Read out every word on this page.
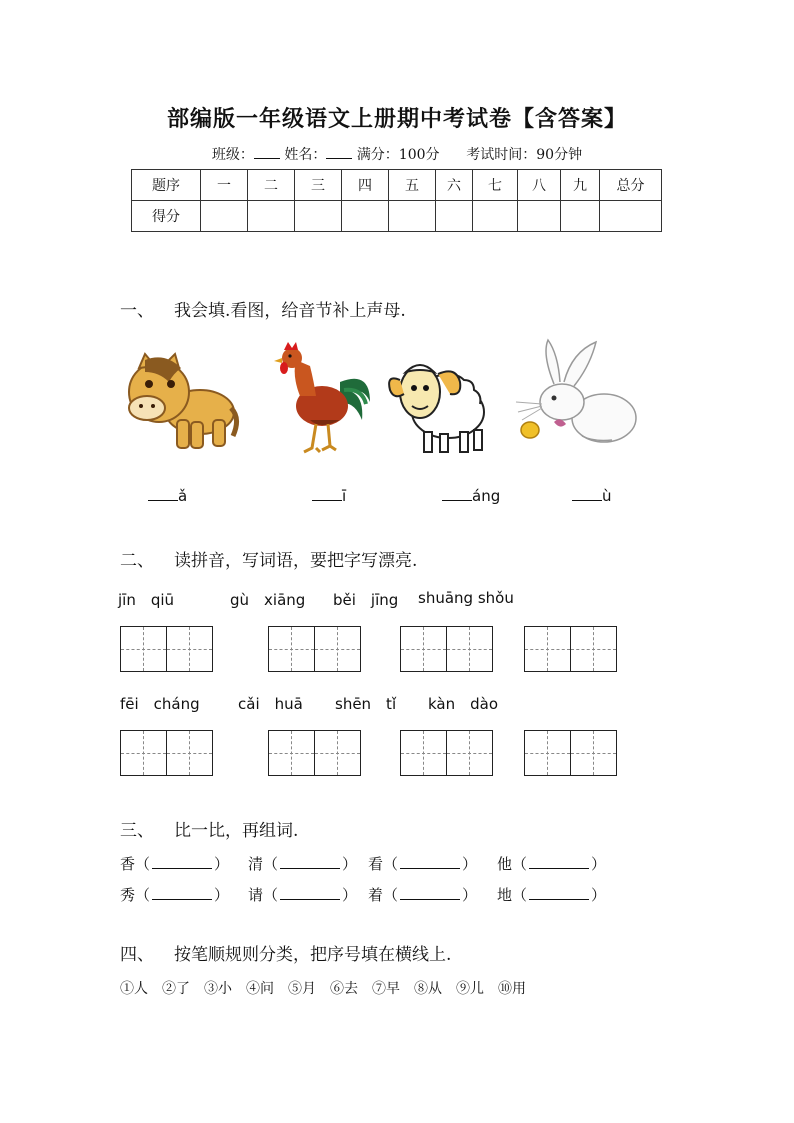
部编版一年级语文上册期中考试卷【含答案】
班级： 姓名： 满分：100分 考试时间：90分钟
题序	一	二	三	四	五	六	七	八	九	总分
得分										
一、 我会填.看图，给音节补上声母.
ǎ	ī	áng	ù
二、 读拼音，写词语，要把字写漂亮.
jīn　qiū	gù　xiāng běi　jīng shuāng shǒu
fēi　cháng	cǎi　huā shēn　tǐ kàn　dào
三、 比一比，再组词.
香（	） 清（	） 看（	） 他（	）
秀（	） 请（	） 着（	） 地（	）
四、 按笔顺规则分类，把序号填在横线上.
①人 ②了 ③小 ④问 ⑤月 ⑥去 ⑦早 ⑧从 ⑨儿 ⑩用
